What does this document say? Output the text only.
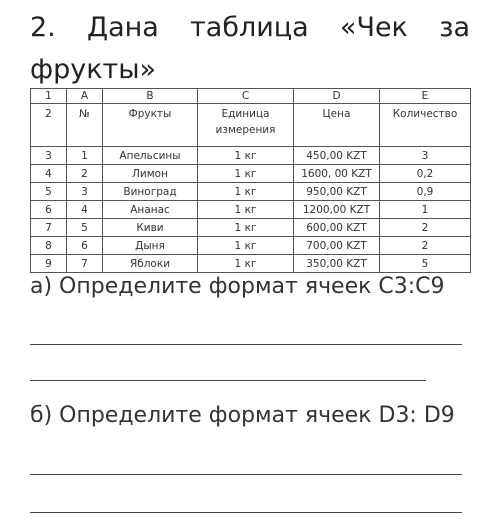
2. Дана таблица «Чек за
фрукты»
1	A	B	C	D	E
2	№	Фрукты	Единица измерения	Цена	Количество
3	1	Апельсины	1 кг	450,00 KZT	3
4	2	Лимон	1 кг	1600, 00 KZT	0,2
5	3	Виноград	1 кг	950,00 KZT	0,9
6	4	Ананас	1 кг	1200,00 KZT	1
7	5	Киви	1 кг	600,00 KZT	2
8	6	Дыня	1 кг	700,00 KZT	2
9	7	Яблоки	1 кг	350,00 KZT	5
а) Определите формат ячеек С3:С9
б) Определите формат ячеек D3: D9
